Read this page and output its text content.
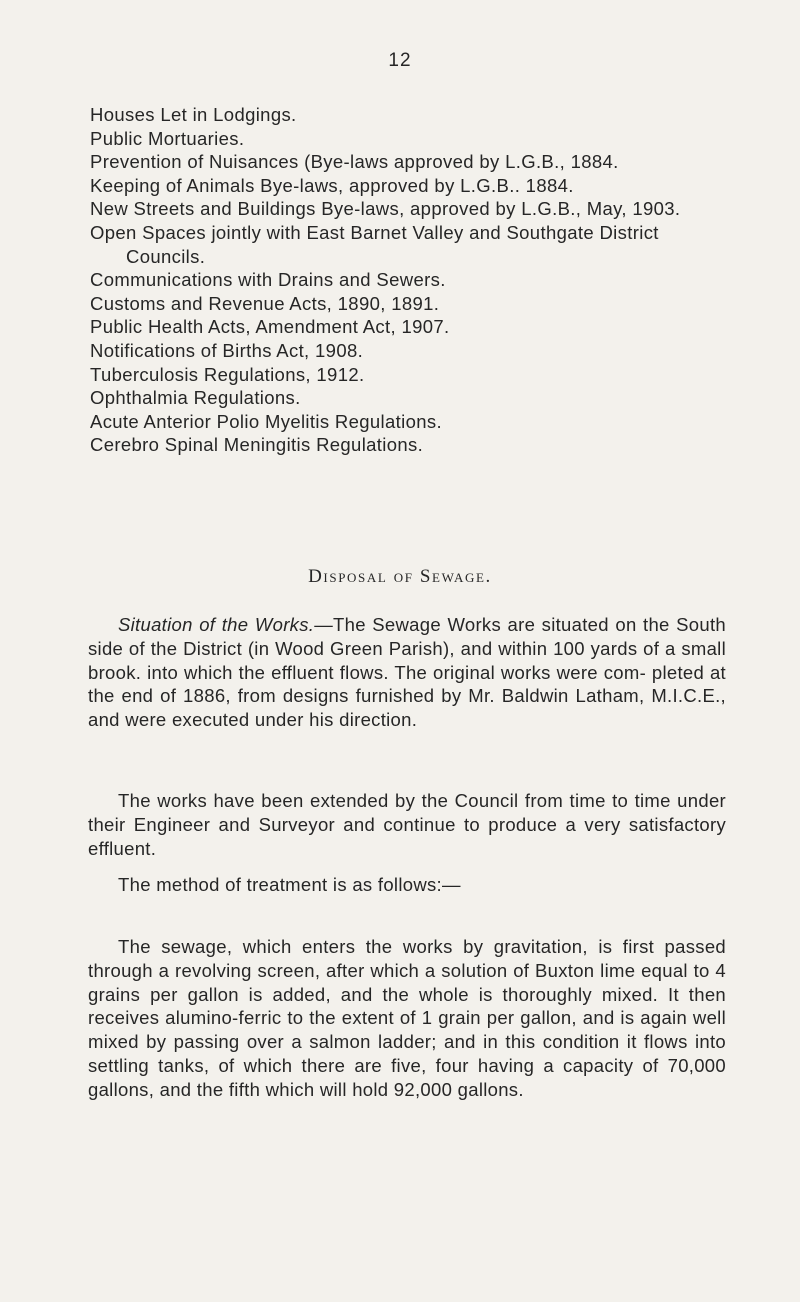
12
Houses Let in Lodgings.
Public Mortuaries.
Prevention of Nuisances (Bye-laws approved by L.G.B., 1884.
Keeping of Animals Bye-laws, approved by L.G.B.. 1884.
New Streets and Buildings Bye-laws, approved by L.G.B., May, 1903.
Open Spaces jointly with East Barnet Valley and Southgate District Councils.
Communications with Drains and Sewers.
Customs and Revenue Acts, 1890, 1891.
Public Health Acts, Amendment Act, 1907.
Notifications of Births Act, 1908.
Tuberculosis Regulations, 1912.
Ophthalmia Regulations.
Acute Anterior Polio Myelitis Regulations.
Cerebro Spinal Meningitis Regulations.
Disposal of Sewage.

Situation of the Works.—The Sewage Works are situated on the South side of the District (in Wood Green Parish), and within 100 yards of a small brook. into which the effluent flows. The original works were com- pleted at the end of 1886, from designs furnished by Mr. Baldwin Latham, M.I.C.E., and were executed under his direction.

The works have been extended by the Council from time to time under their Engineer and Surveyor and continue to produce a very satisfactory effluent.

The method of treatment is as follows:—

The sewage, which enters the works by gravitation, is first passed through a revolving screen, after which a solution of Buxton lime equal to 4 grains per gallon is added, and the whole is thoroughly mixed. It then receives alumino-ferric to the extent of 1 grain per gallon, and is again well mixed by passing over a salmon ladder; and in this condition it flows into settling tanks, of which there are five, four having a capacity of 70,000 gallons, and the fifth which will hold 92,000 gallons.
